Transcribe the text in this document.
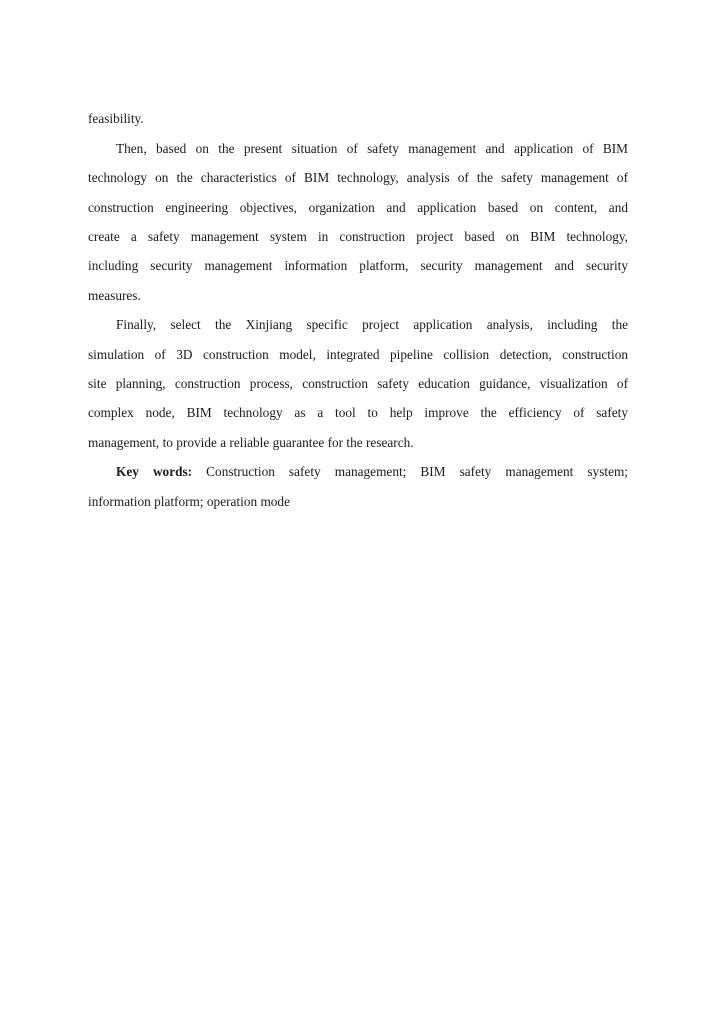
feasibility.
Then, based on the present situation of safety management and application of BIM
technology on the characteristics of BIM technology, analysis of the safety management of
construction engineering objectives, organization and application based on content, and
create a safety management system in construction project based on BIM technology,
including security management information platform, security management and security
measures.
Finally, select the Xinjiang specific project application analysis, including the
simulation of 3D construction model, integrated pipeline collision detection, construction
site planning, construction process, construction safety education guidance, visualization of
complex node, BIM technology as a tool to help improve the efficiency of safety
management, to provide a reliable guarantee for the research.
Key words: Construction safety management; BIM safety management system;
information platform; operation mode
